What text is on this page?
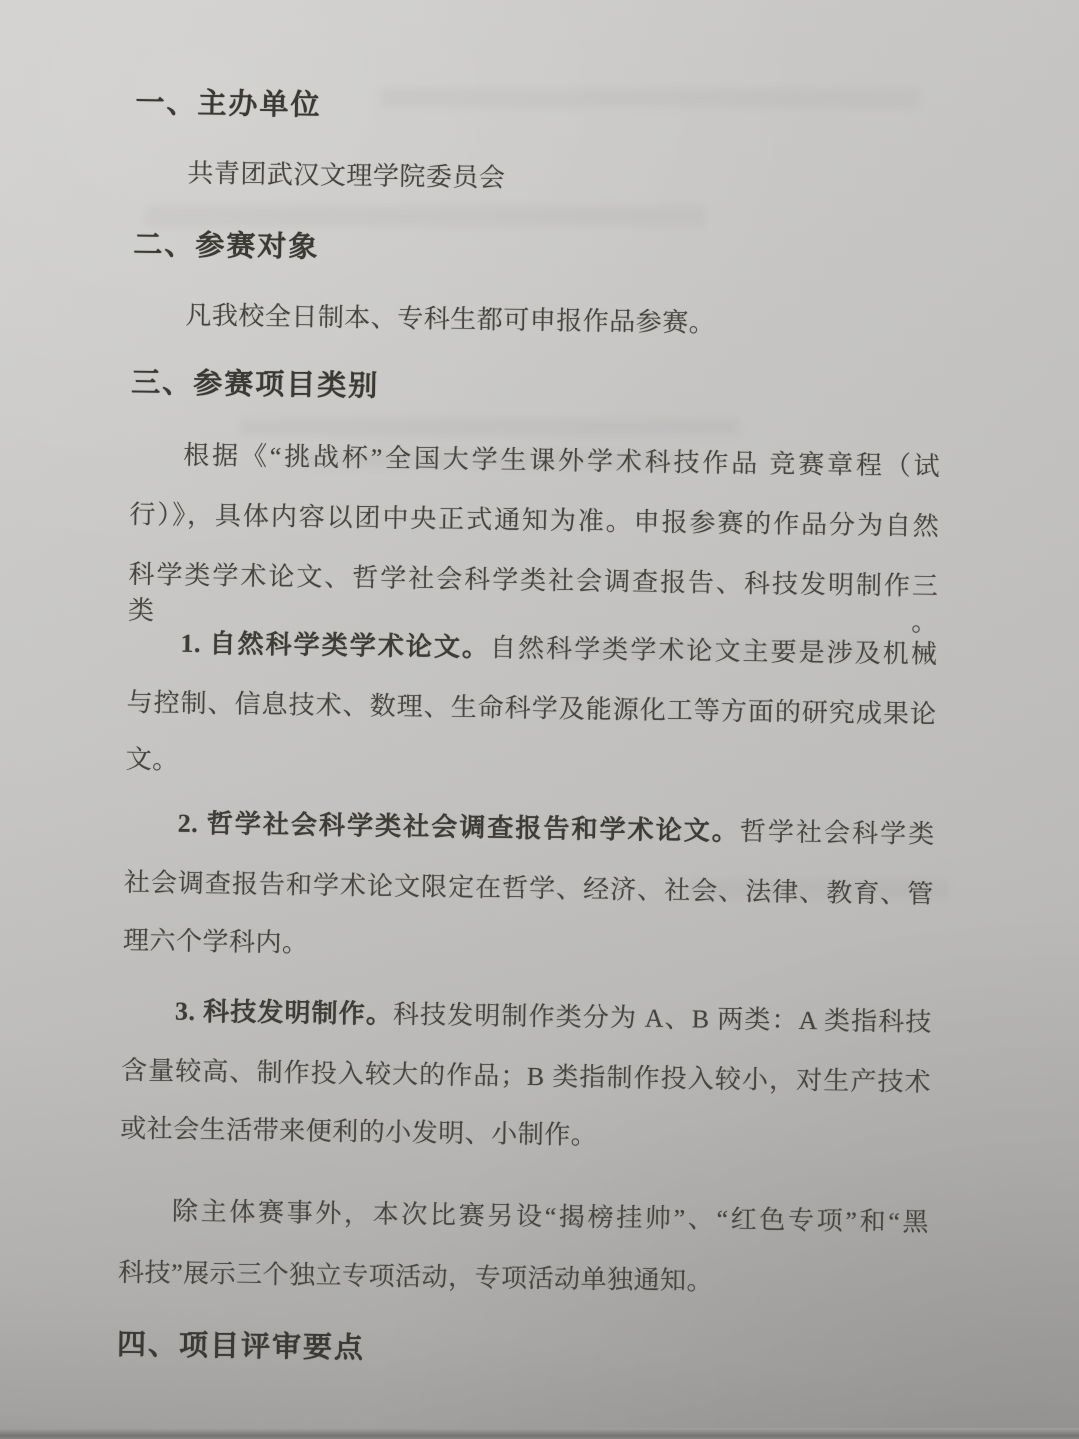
一、主办单位
共青团武汉文理学院委员会
二、参赛对象
凡我校全日制本、专科生都可申报作品参赛。
三、参赛项目类别
根据《“挑战杯”全国大学生课外学术科技作品 竞赛章程（试
行）》，具体内容以团中央正式通知为准。申报参赛的作品分为自然
科学类学术论文、哲学社会科学类社会调查报告、科技发明制作三类。
1. 自然科学类学术论文。自然科学类学术论文主要是涉及机械
与控制、信息技术、数理、生命科学及能源化工等方面的研究成果论
文。
2. 哲学社会科学类社会调查报告和学术论文。哲学社会科学类
社会调查报告和学术论文限定在哲学、经济、社会、法律、教育、管
理六个学科内。
3. 科技发明制作。科技发明制作类分为 A、B 两类：A 类指科技
含量较高、制作投入较大的作品；B 类指制作投入较小，对生产技术
或社会生活带来便利的小发明、小制作。
除主体赛事外，本次比赛另设“揭榜挂帅”、“红色专项”和“黑
科技”展示三个独立专项活动，专项活动单独通知。
四、项目评审要点
